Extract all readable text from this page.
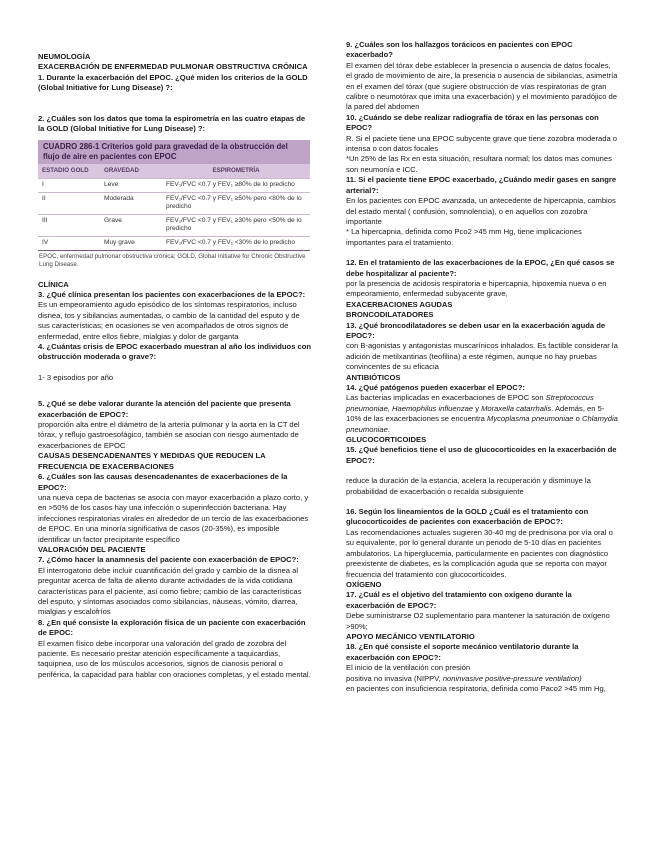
NEUMOLOGÍA

EXACERBACIÓN DE ENFERMEDAD PULMONAR OBSTRUCTIVA CRÓNICA

1. Durante la exacerbación del EPOC. ¿Qué miden los criterios de la GOLD (Global Initiative for Lung Disease) ?:

2. ¿Cuáles son los datos que toma la espirometría en las cuatro etapas de la GOLD (Global Initiative for Lung Disease) ?:

CUADRO 286-1 Criterios gold para gravedad de la obstrucción del flujo de aire en pacientes con EPOC		
ESTADIO GOLD	GRAVEDAD	ESPIROMETRÍA
I	Leve	FEV₁/FVC <0.7 y FEV₁ ≥80% de lo predicho
II	Moderada	FEV₁/FVC <0.7 y FEV₁ ≥50% pero <80% de lo predicho
III	Grave	FEV₁/FVC <0.7 y FEV₁ ≥30% pero <50% de lo predicho
IV	Muy grave	FEV₁/FVC <0.7 y FEV₁ <30% de lo predicho
EPOC, enfermedad pulmonar obstructiva crónica; GOLD, Global Initiative for Chronic Obstructive Lung Disease.		

CLÍNICA

3. ¿Qué clínica presentan los pacientes con exacerbaciones de la EPOC?:

Es un empeoramiento agudo episódico de los síntomas respiratorios, incluso disnea, tos y sibilancias aumentadas, o cambio de la cantidad del esputo y de sus características; en ocasiones se ven acompañados de otros signos de enfermedad, entre ellos fiebre, mialgias y dolor de garganta

4. ¿Cuántas crisis de EPOC exacerbado muestran al año los individuos con obstrucción moderada o grave?:

1- 3 episodios por año

5. ¿Qué se debe valorar durante la atención del paciente que presenta exacerbación de EPOC?:

proporción alta entre el diámetro de la arteria pulmonar y la aorta en la CT del tórax, y reflujo gastroesofágico, también se asocian con riesgo aumentado de exacerbaciones de EPOC

CAUSAS DESENCADENANTES Y MEDIDAS QUE REDUCEN LA FRECUENCIA DE EXACERBACIONES

6. ¿Cuáles son las causas desencadenantes de exacerbaciones de la EPOC?:

una nueva cepa de bacterias se asocia con mayor exacerbación a plazo corto, y en >50% de los casos hay una infección o superinfección bacteriana. Hay infecciones respiratorias virales en alrededor de un tercio de las exacerbaciones de EPOC. En una minoría significativa de casos (20-35%), es imposible identificar un factor precipitante específico

VALORACIÓN DEL PACIENTE

7. ¿Cómo hacer la anamnesis del paciente con exacerbación de EPOC?:

El interrogatorio debe incluir cuantificación del grado y cambio de la disnea al preguntar acerca de falta de aliento durante actividades de la vida cotidiana características para el paciente, así como fiebre; cambio de las características del esputo, y síntomas asociados como sibilancias, náuseas, vómito, diarrea, mialgias y escalofríos

8. ¿En qué consiste la exploración física de un paciente con exacerbación de EPOC:

El examen físico debe incorporar una valoración del grado de zozobra del paciente. Es necesario prestar atención específicamente a taquicardias, taquipnea, uso de los músculos accesorios, signos de cianosis perioral o periférica, la capacidad para hablar con oraciones completas, y el estado mental.

9. ¿Cuáles son los hallazgos torácicos en pacientes con EPOC exacerbado?

El examen del tórax debe establecer la presencia o ausencia de datos focales, el grado de movimiento de aire, la presencia o ausencia de sibilancias, asimetría en el examen del tórax (que sugiere obstrucción de vías respiratorias de gran calibre o neumotórax que imita una exacerbación) y el movimiento paradójico de la pared del abdomen

10. ¿Cuándo se debe realizar radiografía de tórax en las personas con EPOC?

R. Si el paciete tiene una EPOC subycente grave que tiene zozobra moderada o intensa o con datos focales

*Un 25% de las Rx en esta situación, resultara normal; los datos mas comunes son neumonía e ICC.

11. Si el paciente tiene EPOC exacerbado, ¿Cuándo medir gases en sangre arterial?:

En los pacientes con EPOC avanzada, un antecedente de hipercapnia, cambios del estado mental ( confusión, somnolencia), o en aquellos con zozobra importante

* La hipercapnia, definida como Pco2 >45 mm Hg, tiene implicaciones importantes para el tratamiento.

12. En el tratamiento de las exacerbaciones de la EPOC, ¿En qué casos se debe hospitalizar al paciente?:

por la presencia de acidosis respiratoria e hipercapnia, hipoxemia nueva o en empeoramiento, enfermedad subyacente grave,

EXACERBACIONES AGUDAS

BRONCODILATADORES

13. ¿Qué broncodilatadores se deben usar en la exacerbación aguda de EPOC?:

con B-agonistas y antagonistas muscarínicos inhalados. Es factible considerar la adición de metilxantinas (teofilina) a este régimen, aunque no hay pruebas convincentes de su eficacia

ANTIBIÓTICOS

14. ¿Qué patógenos pueden exacerbar el EPOC?:

Las bacterias implicadas en exacerbaciones de EPOC son Streptococcus pneumoniae, Haemophilus influenzae y Moraxella catarrhalis. Además, en 5-10% de las exacerbaciones se encuentra Mycoplasma pneumoniae o Chlamydia pneumoniae.

GLUCOCORTICOIDES

15. ¿Qué beneficios tiene el uso de glucocorticoides en la exacerbación de EPOC?:

reduce la duración de la estancia, acelera la recuperación y disminuye la probabilidad de exacerbación o recaída subsiguiente

16. Según los lineamientos de la GOLD ¿Cuál es el tratamiento con glucocorticoides de pacientes con exacerbación de EPOC?:

Las recomendaciones actuales sugieren 30-40 mg de prednisona por vía oral o su equivalente, por lo general durante un periodo de 5-10 días en pacientes ambulatorios. La hiperglucemia, particularmente en pacientes con diagnóstico preexistente de diabetes, es la complicación aguda que se reporta con mayor frecuencia del tratamiento con glucocorticoides.

OXÍGENO

17. ¿Cuál es el objetivo del tratamiento con oxígeno durante la exacerbación de EPOC?:

Debe suministrarse O2 suplementario para mantener la saturación de oxígeno >90%;

APOYO MECÁNICO VENTILATORIO

18. ¿En qué consiste el soporte mecánico ventilatorio durante la exacerbación con EPOC?:

El inicio de la ventilación con presión

positiva no invasiva (NIPPV, noninvasive positive-pressure ventilation)

en pacientes con insuficiencia respiratoria, definida como Paco2 >45 mm Hg,
